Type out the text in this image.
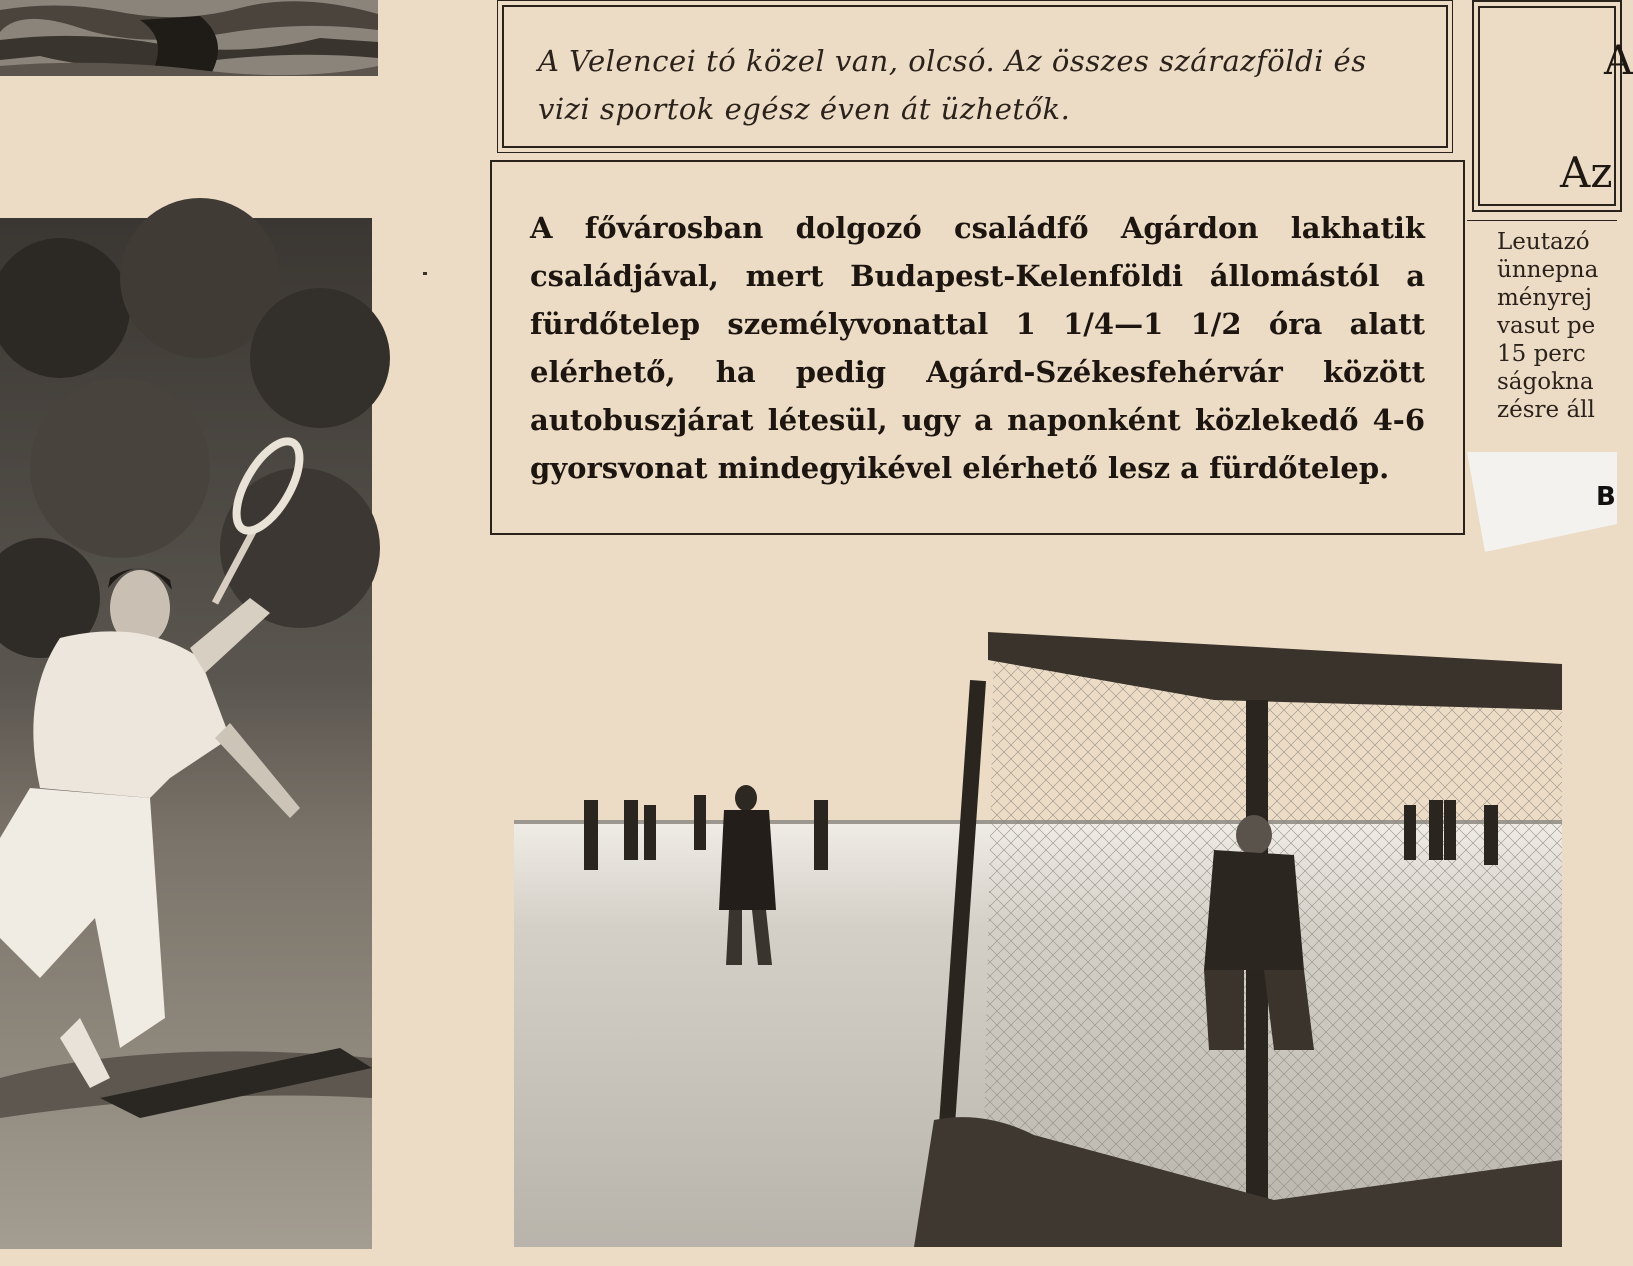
A Velencei tó közel van, olcsó. Az összes szárazföldi és vizi sportok egész éven át üzhetők.

A fővárosban dolgozó családfő Agárdon lakhatik családjával, mert Budapest-Kelenföldi állomástól a fürdőtelep személyvonattal 1 1/4—1 1/2 óra alatt elérhető, ha pedig Agárd-Székesfehérvár között autobuszjárat létesül, ugy a naponként közlekedő 4-6 gyorsvonat mindegyikével elérhető lesz a fürdőtelep.

A
Az
Leutazó
ünnepna
ményrej
vasut pe
15 perc
ságokna
zésre áll
B
